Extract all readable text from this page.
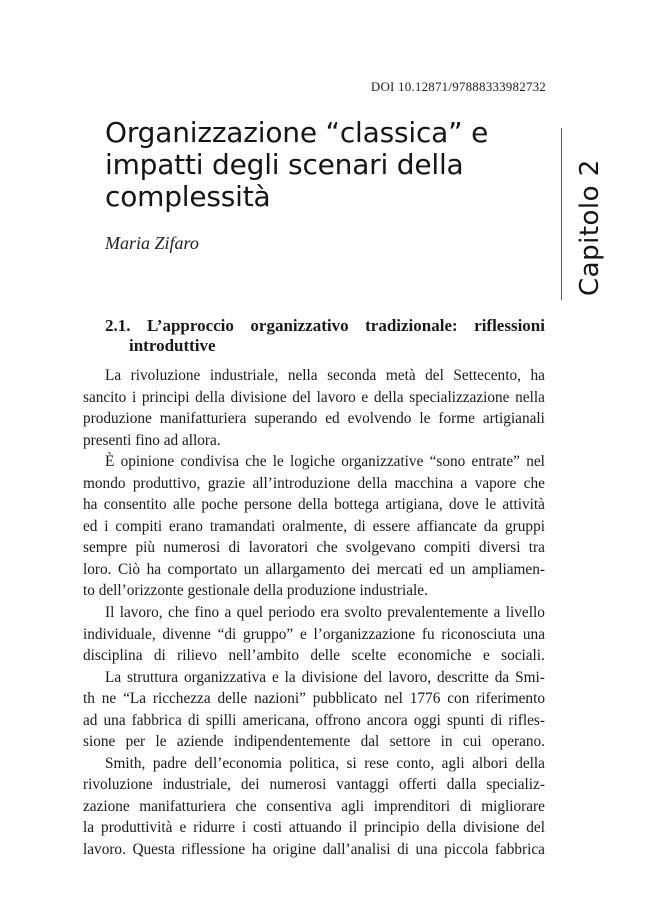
DOI 10.12871/97888333982732
Organizzazione “classica” e
impatti degli scenari della
complessità
Maria Zifaro	Capitolo 2
2.1. L’approccio organizzativo tradizionale: riflessioni
introduttive
La rivoluzione industriale, nella seconda metà del Settecento, ha
sancito i principi della divisione del lavoro e della specializzazione nella
produzione manifatturiera superando ed evolvendo le forme artigianali
presenti fino ad allora.
È opinione condivisa che le logiche organizzative “sono entrate” nel
mondo produttivo, grazie all’introduzione della macchina a vapore che
ha consentito alle poche persone della bottega artigiana, dove le attività
ed i compiti erano tramandati oralmente, di essere affiancate da gruppi
sempre più numerosi di lavoratori che svolgevano compiti diversi tra
loro. Ciò ha comportato un allargamento dei mercati ed un ampliamen-
to dell’orizzonte gestionale della produzione industriale.
Il lavoro, che fino a quel periodo era svolto prevalentemente a livello
individuale, divenne “di gruppo” e l’organizzazione fu riconosciuta una
disciplina di rilievo nell’ambito delle scelte economiche e sociali.
La struttura organizzativa e la divisione del lavoro, descritte da Smi-
th ne “La ricchezza delle nazioni” pubblicato nel 1776 con riferimento
ad una fabbrica di spilli americana, offrono ancora oggi spunti di rifles-
sione per le aziende indipendentemente dal settore in cui operano.
Smith, padre dell’economia politica, si rese conto, agli albori della
rivoluzione industriale, dei numerosi vantaggi offerti dalla specializ-
zazione manifatturiera che consentiva agli imprenditori di migliorare
la produttività e ridurre i costi attuando il principio della divisione del
lavoro. Questa riflessione ha origine dall’analisi di una piccola fabbrica
